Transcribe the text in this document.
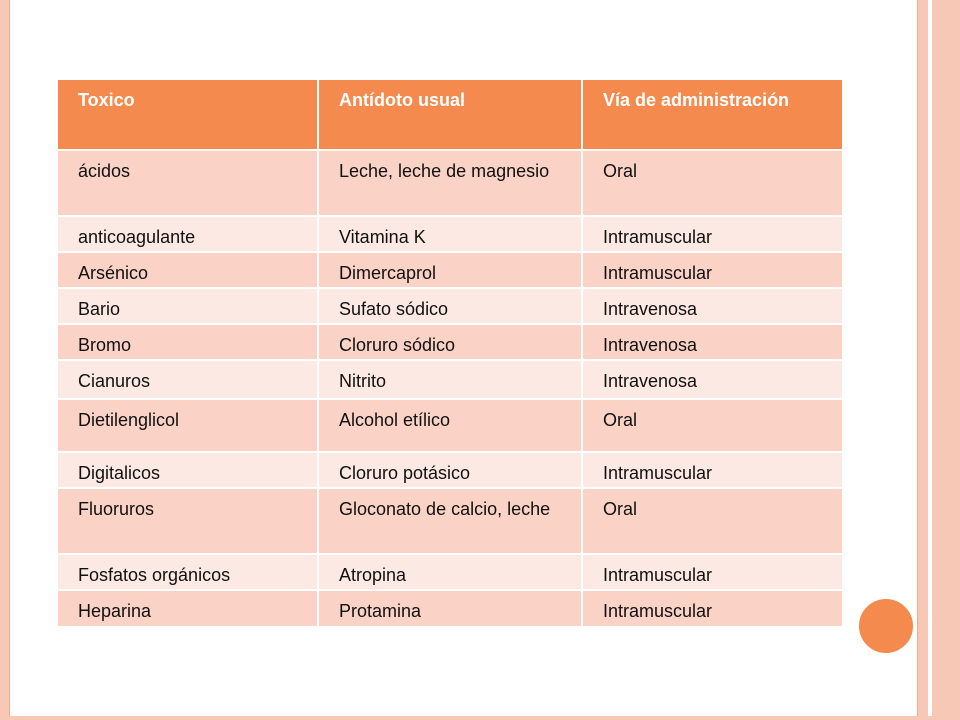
Toxico	Antídoto usual	Vía de administración
ácidos	Leche, leche de magnesio	Oral
anticoagulante	Vitamina K	Intramuscular
Arsénico	Dimercaprol	Intramuscular
Bario	Sufato sódico	Intravenosa
Bromo	Cloruro sódico	Intravenosa
Cianuros	Nitrito	Intravenosa
Dietilenglicol	Alcohol etílico	Oral
Digitalicos	Cloruro potásico	Intramuscular
Fluoruros	Gloconato de calcio, leche	Oral
Fosfatos orgánicos	Atropina	Intramuscular
Heparina	Protamina	Intramuscular
